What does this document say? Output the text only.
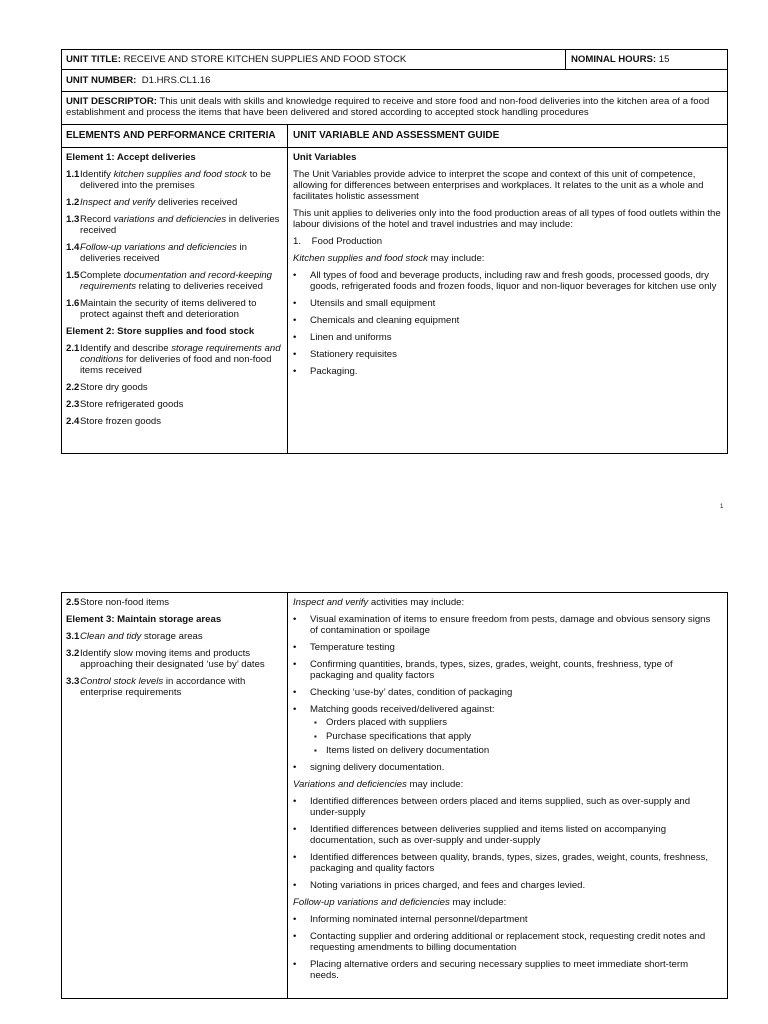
UNIT TITLE: RECEIVE AND STORE KITCHEN SUPPLIES AND FOOD STOCK	NOMINAL HOURS: 15
UNIT NUMBER: D1.HRS.CL1.16
UNIT DESCRIPTOR: This unit deals with skills and knowledge required to receive and store food and non-food deliveries into the kitchen area of a food establishment and process the items that have been delivered and stored according to accepted stock handling procedures
ELEMENTS AND PERFORMANCE CRITERIA	UNIT VARIABLE AND ASSESSMENT GUIDE

Element 1: Accept deliveries

1.1Identify kitchen supplies and food stock to be delivered into the premises

1.2Inspect and verify deliveries received

1.3Record variations and deficiencies in deliveries received

1.4Follow-up variations and deficiencies in deliveries received

1.5Complete documentation and record-keeping requirements relating to deliveries received

1.6Maintain the security of items delivered to protect against theft and deterioration

Element 2: Store supplies and food stock

2.1Identify and describe storage requirements and conditions for deliveries of food and non-food items received

2.2Store dry goods

2.3Store refrigerated goods

2.4Store frozen goods

Unit Variables

The Unit Variables provide advice to interpret the scope and context of this unit of competence, allowing for differences between enterprises and workplaces. It relates to the unit as a whole and facilitates holistic assessment

This unit applies to deliveries only into the food production areas of all types of food outlets within the labour divisions of the hotel and travel industries and may include:

1.    Food Production

Kitchen supplies and food stock may include:

• All types of food and beverage products, including raw and fresh goods, processed goods, dry goods, refrigerated foods and frozen foods, liquor and non-liquor beverages for kitchen use only
• Utensils and small equipment
• Chemicals and cleaning equipment
• Linen and uniforms
• Stationery requisites
• Packaging.
1

2.5Store non-food items

Element 3: Maintain storage areas

3.1Clean and tidy storage areas

3.2Identify slow moving items and products approaching their designated ‘use by’ dates

3.3Control stock levels in accordance with enterprise requirements

Inspect and verify activities may include:

• Visual examination of items to ensure freedom from pests, damage and obvious sensory signs of contamination or spoilage
• Temperature testing
• Confirming quantities, brands, types, sizes, grades, weight, counts, freshness, type of packaging and quality factors
• Checking ‘use-by’ dates, condition of packaging
• Matching goods received/delivered against:
▪ Orders placed with suppliers
▪ Purchase specifications that apply
▪ Items listed on delivery documentation
• signing delivery documentation.

Variations and deficiencies may include:

• Identified differences between orders placed and items supplied, such as over-supply and under-supply
• Identified differences between deliveries supplied and items listed on accompanying documentation, such as over-supply and under-supply
• Identified differences between quality, brands, types, sizes, grades, weight, counts, freshness, packaging and quality factors
• Noting variations in prices charged, and fees and charges levied.

Follow-up variations and deficiencies may include:

• Informing nominated internal personnel/department
• Contacting supplier and ordering additional or replacement stock, requesting credit notes and requesting amendments to billing documentation
• Placing alternative orders and securing necessary supplies to meet immediate short-term needs.
